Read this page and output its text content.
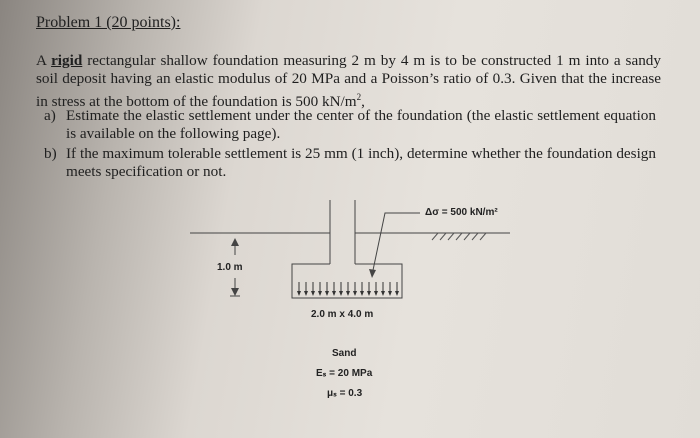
Problem 1 (20 points):
A rigid rectangular shallow foundation measuring 2 m by 4 m is to be constructed 1 m into a sandy soil deposit having an elastic modulus of 20 MPa and a Poisson’s ratio of 0.3. Given that the increase in stress at the bottom of the foundation is 500 $kN/m^2$,
a) Estimate the elastic settlement under the center of the foundation (the elastic settlement equation is available on the following page).
b) If the maximum tolerable settlement is 25 mm (1 inch), determine whether the foundation design meets specification or not.
Δσ = 500 kN/m²
1.0 m
2.0 m x 4.0 m
Sand
Eₛ = 20 MPa
μₛ = 0.3
